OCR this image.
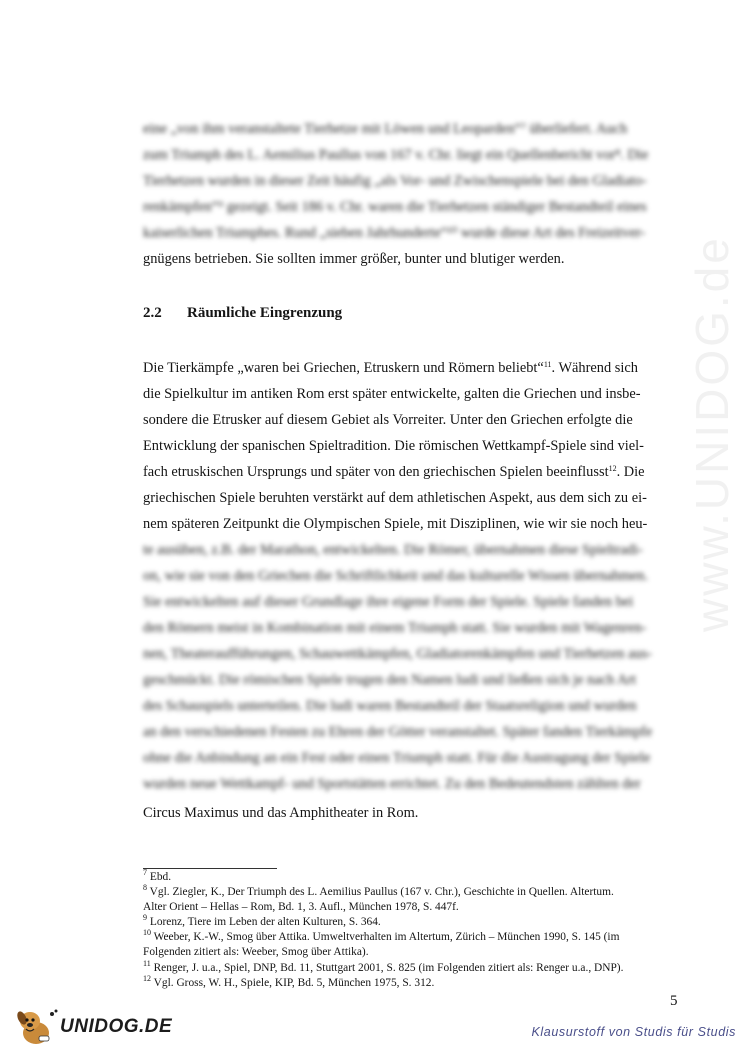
www.UNIDOG.de
eine „von ihm veranstaltete Tierhetze mit Löwen und Leoparden“⁷ überliefert. Auch
zum Triumph des L. Aemilius Paullus von 167 v. Chr. liegt ein Quellenbericht vor⁸. Die
Tierhetzen wurden in dieser Zeit häufig „als Vor- und Zwischenspiele bei den Gladiato-
renkämpfen“⁹ gezeigt. Seit 186 v. Chr. waren die Tierhetzen ständiger Bestandteil eines
kaiserlichen Triumphes. Rund „sieben Jahrhunderte“¹⁰ wurde diese Art des Freizeitver-
gnügens betrieben. Sie sollten immer größer, bunter und blutiger werden.
2.2 Räumliche Eingrenzung
Die Tierkämpfe „waren bei Griechen, Etruskern und Römern beliebt“$^{11}$. Während sich
die Spielkultur im antiken Rom erst später entwickelte, galten die Griechen und insbe-
sondere die Etrusker auf diesem Gebiet als Vorreiter. Unter den Griechen erfolgte die
Entwicklung der spanischen Spieltradition. Die römischen Wettkampf-Spiele sind viel-
fach etruskischen Ursprungs und später von den griechischen Spielen beeinflusst$^{12}$. Die
griechischen Spiele beruhten verstärkt auf dem athletischen Aspekt, aus dem sich zu ei-
nem späteren Zeitpunkt die Olympischen Spiele, mit Disziplinen, wie wir sie noch heu-
te ausüben, z.B. der Marathon, entwickelten. Die Römer, übernahmen diese Spieltradi-
on, wie sie von den Griechen die Schriftlichkeit und das kulturelle Wissen übernahmen.
Sie entwickelten auf dieser Grundlage ihre eigene Form der Spiele. Spiele fanden bei
den Römern meist in Kombination mit einem Triumph statt. Sie wurden mit Wagenren-
nen, Theateraufführungen, Schauwettkämpfen, Gladiatorenkämpfen und Tierhetzen aus-
geschmückt. Die römischen Spiele trugen den Namen ludi und ließen sich je nach Art
des Schauspiels unterteilen. Die ludi waren Bestandteil der Staatsreligion und wurden
an den verschiedenen Festen zu Ehren der Götter veranstaltet. Später fanden Tierkämpfe
ohne die Anbindung an ein Fest oder einen Triumph statt. Für die Austragung der Spiele
wurden neue Wettkampf- und Sportstätten errichtet. Zu den Bedeutendsten zählten der
Circus Maximus und das Amphitheater in Rom.
$^7$ Ebd.
$^8$ Vgl. Ziegler, K., Der Triumph des L. Aemilius Paullus (167 v. Chr.), Geschichte in Quellen. Altertum.
Alter Orient – Hellas – Rom, Bd. 1, 3. Aufl., München 1978, S. 447f.
$^9$ Lorenz, Tiere im Leben der alten Kulturen, S. 364.
$^{10}$ Weeber, K.-W., Smog über Attika. Umweltverhalten im Altertum, Zürich – München 1990, S. 145 (im
Folgenden zitiert als: Weeber, Smog über Attika).
$^{11}$ Renger, J. u.a., Spiel, DNP, Bd. 11, Stuttgart 2001, S. 825 (im Folgenden zitiert als: Renger u.a., DNP).
$^{12}$ Vgl. Gross, W. H., Spiele, KIP, Bd. 5, München 1975, S. 312.
5
UNIDOG.DE	Klausurstoff von Studis für Studis
